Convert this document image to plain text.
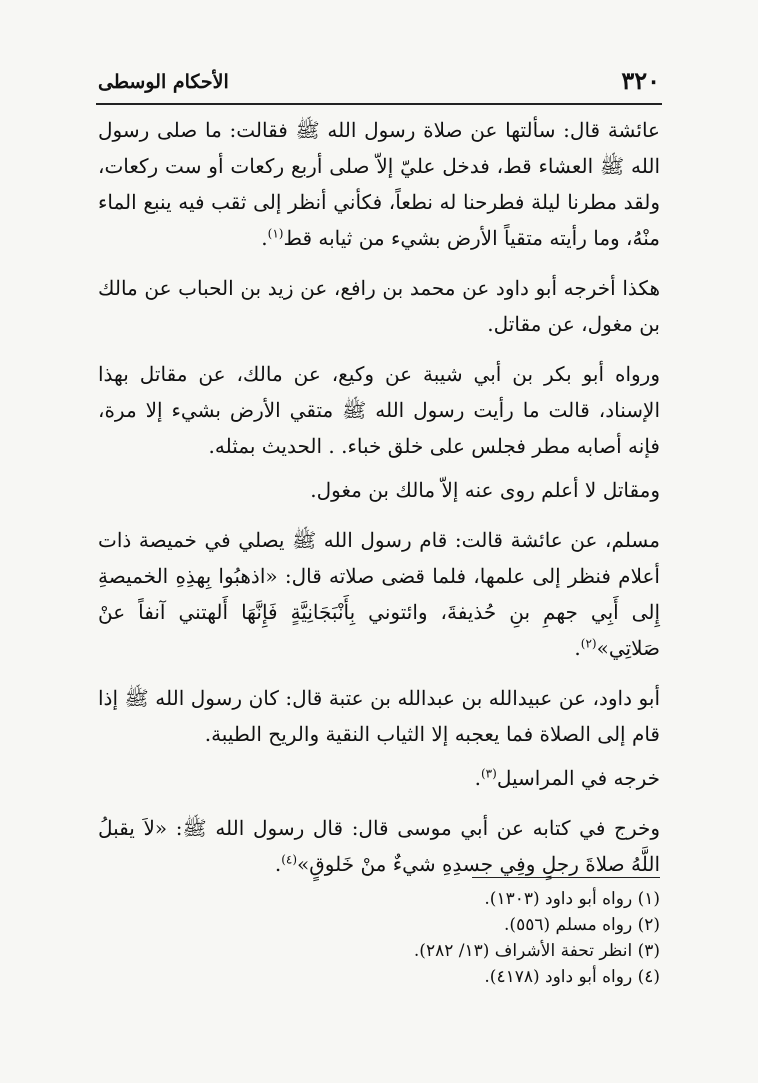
٣٢٠
الأحكام الوسطى

عائشة قال: سألتها عن صلاة رسول الله ﷺ فقالت: ما صلى رسول الله ﷺ العشاء قط، فدخل عليّ إلاّ صلى أربع ركعات أو ست ركعات، ولقد مطرنا ليلة فطرحنا له نطعاً، فكأني أنظر إلى ثقب فيه ينبع الماء منْهُ، وما رأيته متقياً الأرض بشيء من ثيابه قط$^{(١)}$.

هكذا أخرجه أبو داود عن محمد بن رافع، عن زيد بن الحباب عن مالك بن مغول، عن مقاتل.

ورواه أبو بكر بن أبي شيبة عن وكيع، عن مالك، عن مقاتل بهذا الإسناد، قالت ما رأيت رسول الله ﷺ متقي الأرض بشيء إلا مرة، فإنه أصابه مطر فجلس على خلق خباء. . الحديث بمثله.

ومقاتل لا أعلم روى عنه إلاّ مالك بن مغول.

مسلم، عن عائشة قالت: قام رسول الله ﷺ يصلي في خميصة ذات أعلام فنظر إلى علمها، فلما قضى صلاته قال: «اذهبُوا بِهذِهِ الخميصةِ إِلى أَبِي جهمِ بنِ حُذيفةَ، وائتوني بِأَنْبَجَانِيَّةٍ فَإِنَّهَا أَلهتني آنفاً عنْ صَلاتِي»$^{(٢)}$.

أبو داود، عن عبيدالله بن عبدالله بن عتبة قال: كان رسول الله ﷺ إذا قام إلى الصلاة فما يعجبه إلا الثياب النقية والريح الطيبة.

خرجه في المراسيل$^{(٣)}$.

وخرج في كتابه عن أبي موسى قال: قال رسول الله ﷺ: «لاَ يقبلُ اللَّهُ صلاةَ رجلٍ وفِي جسدِهِ شيءٌ منْ خَلوقٍ»$^{(٤)}$.

(١) رواه أبو داود (١٣٠٣).

(٢) رواه مسلم (٥٥٦).

(٣) انظر تحفة الأشراف (١٣/ ٢٨٢).

(٤) رواه أبو داود (٤١٧٨).
